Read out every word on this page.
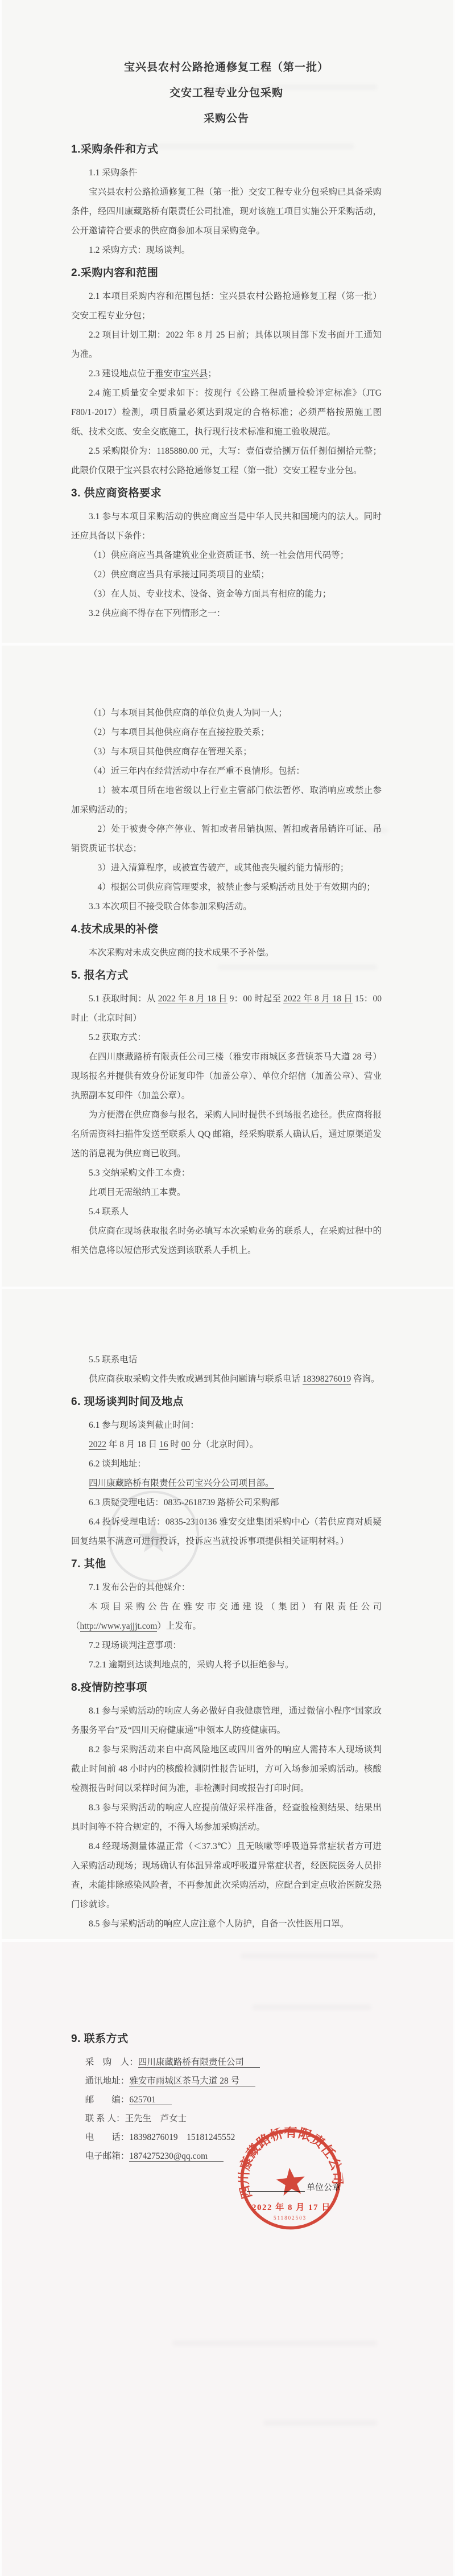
宝兴县农村公路抢通修复工程（第一批）
交安工程专业分包采购
采购公告
1.采购条件和方式

1.1 采购条件

宝兴县农村公路抢通修复工程（第一批）交安工程专业分包采购已具备采购条件，经四川康藏路桥有限责任公司批准，现对该施工项目实施公开采购活动，公开邀请符合要求的供应商参加本项目采购竞争。

1.2 采购方式：现场谈判。

2.采购内容和范围

2.1 本项目采购内容和范围包括：宝兴县农村公路抢通修复工程（第一批）交安工程专业分包；

2.2 项目计划工期：2022 年 8 月 25 日前；具体以项目部下发书面开工通知为准。

2.3 建设地点位于雅安市宝兴县；

2.4 施工质量安全要求如下：按现行《公路工程质量检验评定标准》（JTG F80/1-2017）检测，项目质量必须达到规定的合格标准；必须严格按照施工图纸、技术交底、安全交底施工，执行现行技术标准和施工验收规范。

2.5 采购限价为：1185880.00 元，大写：壹佰壹拾捌万伍仟捌佰捌拾元整；此限价仅限于宝兴县农村公路抢通修复工程（第一批）交安工程专业分包。

3. 供应商资格要求

3.1 参与本项目采购活动的供应商应当是中华人民共和国境内的法人。同时还应具备以下条件：

（1）供应商应当具备建筑业企业资质证书、统一社会信用代码等；

（2）供应商应当具有承接过同类项目的业绩；

（3）在人员、专业技术、设备、资金等方面具有相应的能力；

3.2 供应商不得存在下列情形之一：

（1）与本项目其他供应商的单位负责人为同一人；

（2）与本项目其他供应商存在直接控股关系；

（3）与本项目其他供应商存在管理关系；

（4）近三年内在经营活动中存在严重不良情形。包括：

1）被本项目所在地省级以上行业主管部门依法暂停、取消响应或禁止参加采购活动的；

2）处于被责令停产停业、暂扣或者吊销执照、暂扣或者吊销许可证、吊销资质证书状态；

3）进入清算程序，或被宣告破产，或其他丧失履约能力情形的；

4）根据公司供应商管理要求，被禁止参与采购活动且处于有效期内的；

3.3 本次项目不接受联合体参加采购活动。

4.技术成果的补偿

本次采购对未成交供应商的技术成果不予补偿。

5. 报名方式

5.1 获取时间：从 2022 年 8 月 18 日 9：00 时起至 2022 年 8 月 18 日 15：00 时止（北京时间）

5.2 获取方式：

在四川康藏路桥有限责任公司三楼（雅安市雨城区多营镇茶马大道 28 号）现场报名并提供有效身份证复印件（加盖公章）、单位介绍信（加盖公章）、营业执照副本复印件（加盖公章）。

为方便潜在供应商参与报名，采购人同时提供不到场报名途径。供应商将报名所需资料扫描件发送至联系人 QQ 邮箱，经采购联系人确认后，通过原渠道发送的消息视为供应商已收到。

5.3 交纳采购文件工本费：

此项目无需缴纳工本费。

5.4 联系人

供应商在现场获取报名时务必填写本次采购业务的联系人，在采购过程中的相关信息将以短信形式发送到该联系人手机上。

5.5 联系电话

供应商获取采购文件失败或遇到其他问题请与联系电话 18398276019 咨询。

6. 现场谈判时间及地点

6.1 参与现场谈判截止时间：

2022 年 8 月 18 日 16 时 00 分（北京时间）。

6.2 谈判地址：

四川康藏路桥有限责任公司宝兴分公司项目部。

6.3 质疑受理电话：0835-2618739 路桥公司采购部

6.4 投诉受理电话：0835-2310136 雅安交建集团采购中心（若供应商对质疑回复结果不满意可进行投诉，投诉应当就投诉事项提供相关证明材料。）

7. 其他

7.1 发布公告的其他媒介：

本项目采购公告在雅安市交通建设（集团）有限责任公司（http://www.yajjjt.com）上发布。

7.2 现场谈判注意事项：

7.2.1 逾期到达谈判地点的，采购人将予以拒绝参与。

8.疫情防控事项

8.1 参与采购活动的响应人务必做好自我健康管理，通过微信小程序“国家政务服务平台”及“四川天府健康通”申领本人防疫健康码。

8.2 参与采购活动来自中高风险地区或四川省外的响应人需持本人现场谈判截止时间前 48 小时内的核酸检测阴性报告证明，方可入场参加采购活动。核酸检测报告时间以采样时间为准，非检测时间或报告打印时间。

8.3 参与采购活动的响应人应提前做好采样准备，经查验检测结果、结果出具时间等不符合规定的，不得入场参加采购活动。

8.4 经现场测量体温正常（＜37.3℃）且无咳嗽等呼吸道异常症状者方可进入采购活动现场；现场确认有体温异常或呼吸道异常症状者，经医院医务人员排查，未能排除感染风险者，不再参加此次采购活动，应配合到定点收治医院发热门诊就诊。

8.5 参与采购活动的响应人应注意个人防护，自备一次性医用口罩。

9. 联系方式

采　购　人：四川康藏路桥有限责任公司

通讯地址：雅安市雨城区茶马大道 28 号

邮　　编：625701

联 系 人：王先生　芦女士

电　　话：18398276019　15181245552

电子邮箱：1874275230@qq.com

单位公章
四川康藏路桥有限责任公司
2022 年 8 月 17 日
511802503
